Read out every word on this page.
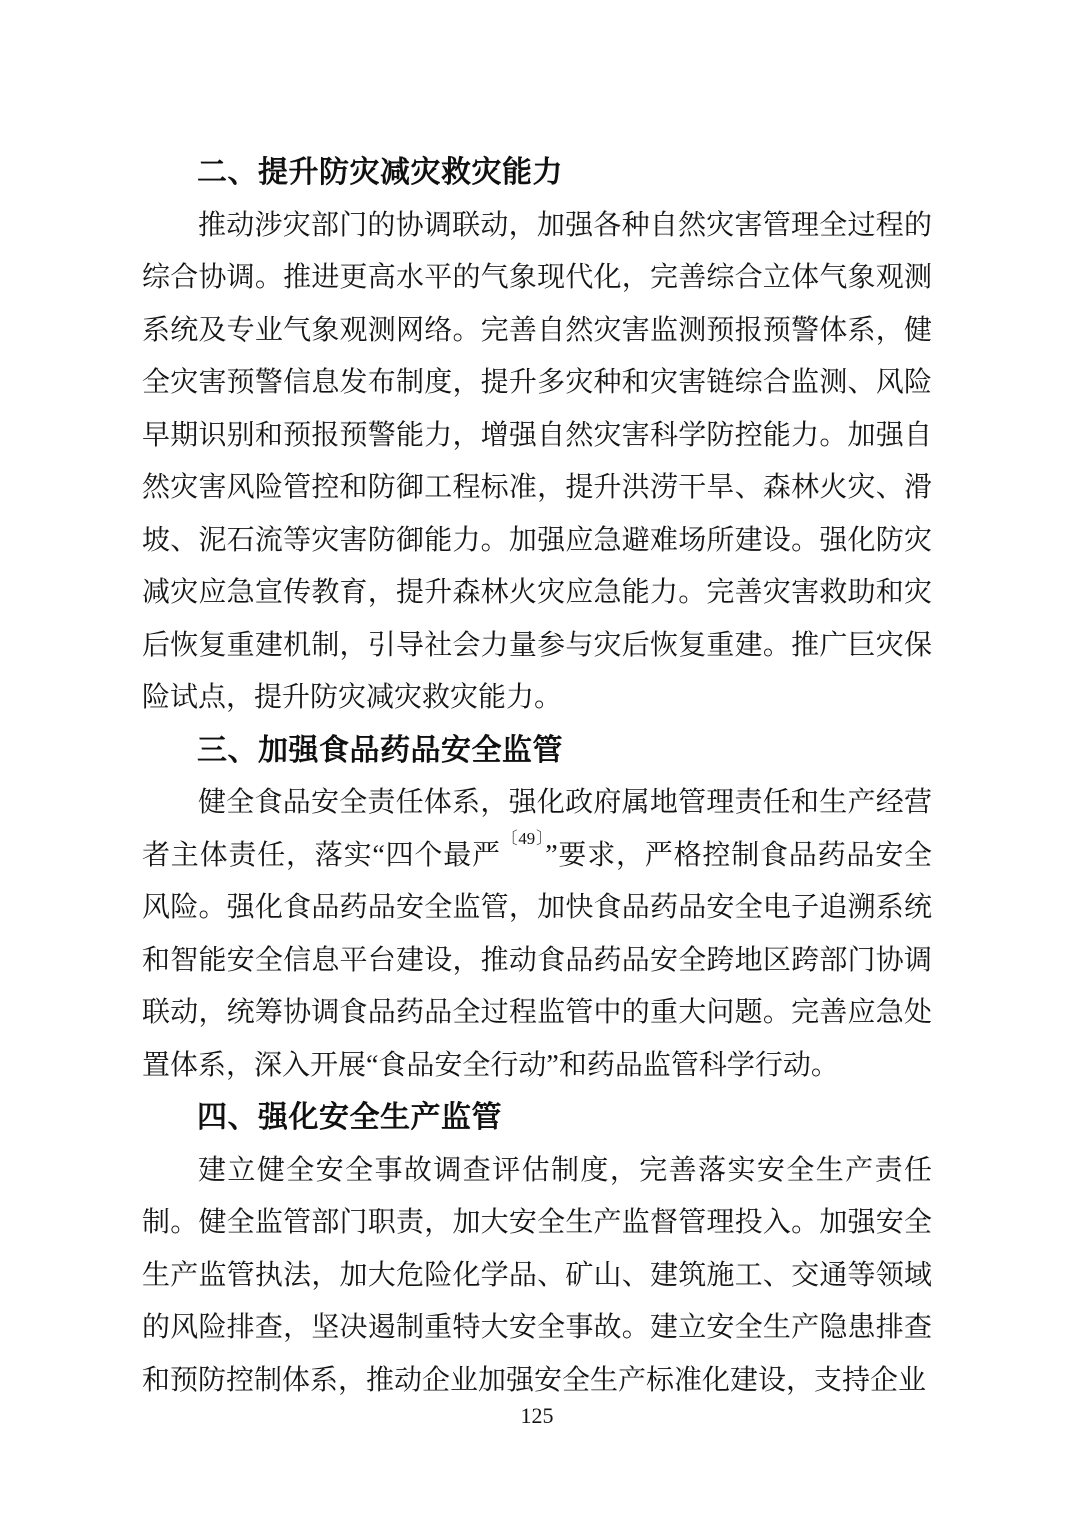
二、提升防灾减灾救灾能力

推动涉灾部门的协调联动，加强各种自然灾害管理全过程的综合协调。推进更高水平的气象现代化，完善综合立体气象观测系统及专业气象观测网络。完善自然灾害监测预报预警体系，健全灾害预警信息发布制度，提升多灾种和灾害链综合监测、风险早期识别和预报预警能力，增强自然灾害科学防控能力。加强自然灾害风险管控和防御工程标准，提升洪涝干旱、森林火灾、滑坡、泥石流等灾害防御能力。加强应急避难场所建设。强化防灾减灾应急宣传教育，提升森林火灾应急能力。完善灾害救助和灾后恢复重建机制，引导社会力量参与灾后恢复重建。推广巨灾保险试点，提升防灾减灾救灾能力。

三、加强食品药品安全监管

健全食品安全责任体系，强化政府属地管理责任和生产经营者主体责任，落实“四个最严$^{〔49〕}$”要求，严格控制食品药品安全风险。强化食品药品安全监管，加快食品药品安全电子追溯系统和智能安全信息平台建设，推动食品药品安全跨地区跨部门协调联动，统筹协调食品药品全过程监管中的重大问题。完善应急处置体系，深入开展“食品安全行动”和药品监管科学行动。

四、强化安全生产监管

建立健全安全事故调查评估制度，完善落实安全生产责任制。健全监管部门职责，加大安全生产监督管理投入。加强安全生产监管执法，加大危险化学品、矿山、建筑施工、交通等领域的风险排查，坚决遏制重特大安全事故。建立安全生产隐患排查和预防控制体系，推动企业加强安全生产标准化建设，支持企业

125
